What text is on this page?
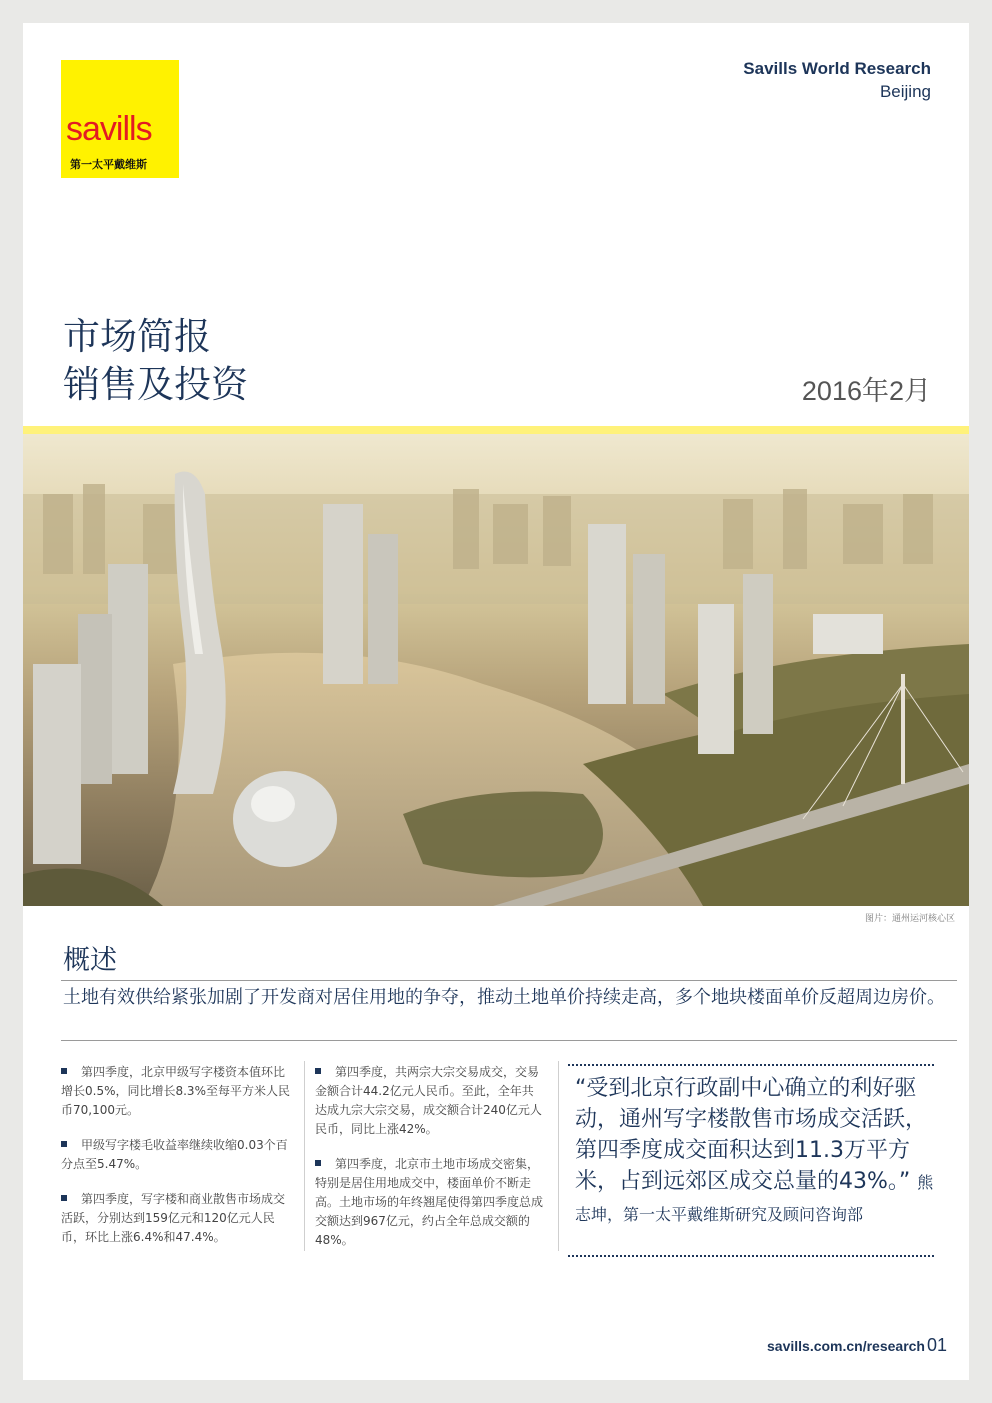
savills
第一太平戴维斯
Savills World Research
Beijing
市场简报
销售及投资	2016年2月
图片：通州运河核心区
概述
土地有效供给紧张加剧了开发商对居住用地的争夺，推动土地单价持续走高，多个地块楼面单价反超周边房价。

第四季度，北京甲级写字楼资本值环比增长0.5%，同比增长8.3%至每平方米人民币70,100元。

甲级写字楼毛收益率继续收缩0.03个百分点至5.47%。

第四季度，写字楼和商业散售市场成交活跃，分别达到159亿元和120亿元人民币，环比上涨6.4%和47.4%。

第四季度，共两宗大宗交易成交，交易金额合计44.2亿元人民币。至此，全年共达成九宗大宗交易，成交额合计240亿元人民币，同比上涨42%。

第四季度，北京市土地市场成交密集，特别是居住用地成交中，楼面单价不断走高。土地市场的年终翘尾使得第四季度总成交额达到967亿元，约占全年总成交额的48%。

“受到北京行政副中心确立的利好驱动，通州写字楼散售市场成交活跃，第四季度成交面积达到11.3万平方米，占到远郊区成交总量的43%。” 熊志坤，第一太平戴维斯研究及顾问咨询部
savills.com.cn/research 01
